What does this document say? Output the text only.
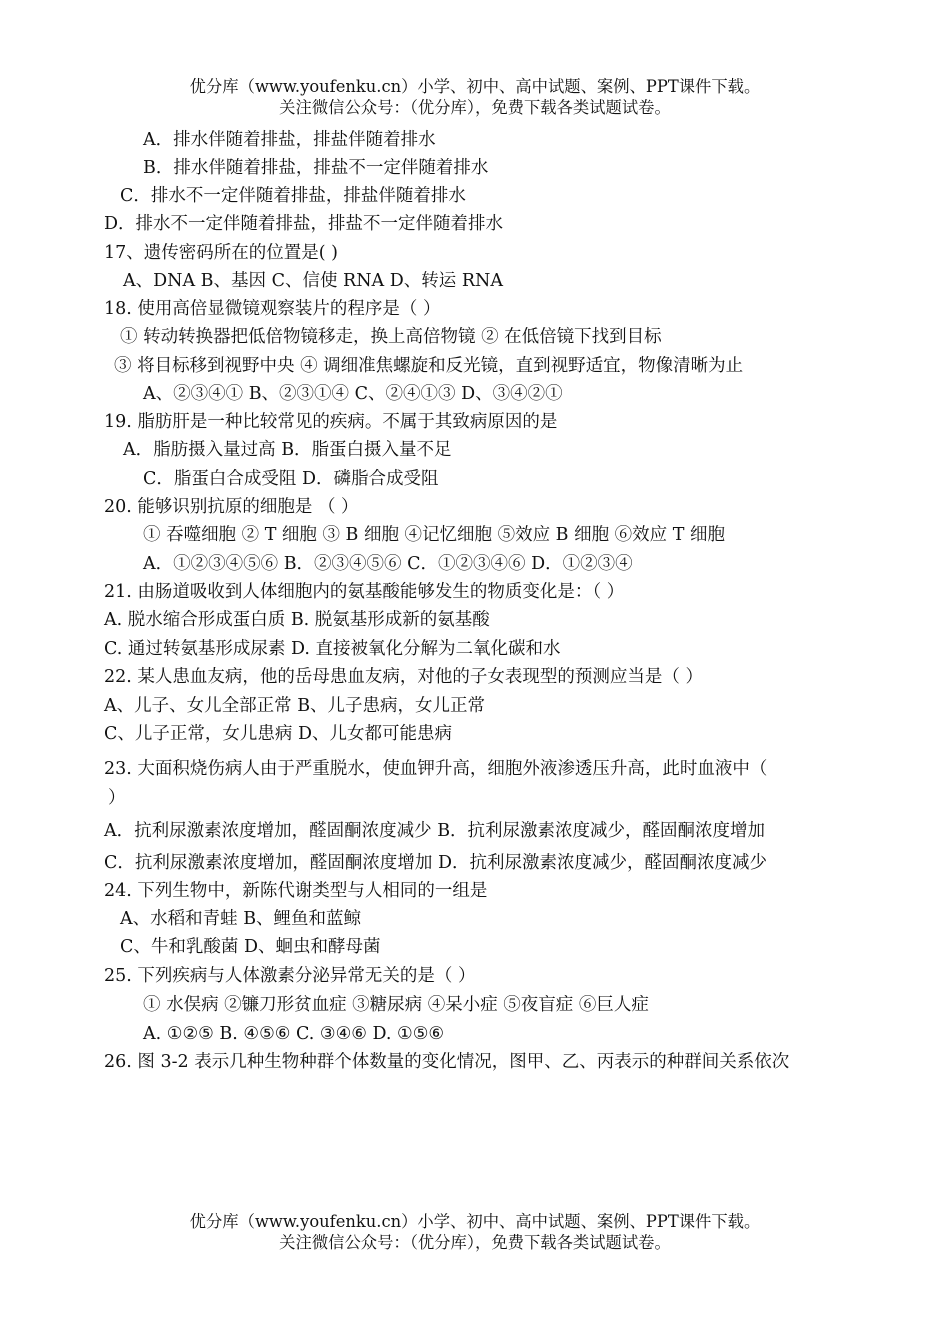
优分库（www.youfenku.cn）小学、初中、高中试题、案例、PPT课件下载。
关注微信公众号：（优分库），免费下载各类试题试卷。
A．排水伴随着排盐，排盐伴随着排水
B．排水伴随着排盐，排盐不一定伴随着排水
C．排水不一定伴随着排盐，排盐伴随着排水
D．排水不一定伴随着排盐，排盐不一定伴随着排水
17、遗传密码所在的位置是( )
A、DNA B、基因 C、信使 RNA D、转运 RNA
18. 使用高倍显微镜观察装片的程序是（ ）
① 转动转换器把低倍物镜移走，换上高倍物镜 ② 在低倍镜下找到目标
③ 将目标移到视野中央 ④ 调细准焦螺旋和反光镜，直到视野适宜，物像清晰为止
A、②③④① B、②③①④ C、②④①③ D、③④②①
19. 脂肪肝是一种比较常见的疾病。不属于其致病原因的是
A．脂肪摄入量过高 B．脂蛋白摄入量不足
C．脂蛋白合成受阻 D．磷脂合成受阻
20. 能够识别抗原的细胞是 （ ）
① 吞噬细胞 ② T 细胞 ③ B 细胞 ④记忆细胞 ⑤效应 B 细胞 ⑥效应 T 细胞
A．①②③④⑤⑥ B．②③④⑤⑥ C．①②③④⑥ D．①②③④
21. 由肠道吸收到人体细胞内的氨基酸能够发生的物质变化是：（ ）
A. 脱水缩合形成蛋白质 B. 脱氨基形成新的氨基酸
C. 通过转氨基形成尿素 D. 直接被氧化分解为二氧化碳和水
22. 某人患血友病，他的岳母患血友病，对他的子女表现型的预测应当是（ ）
A、儿子、女儿全部正常 B、儿子患病，女儿正常
C、儿子正常，女儿患病 D、儿女都可能患病
23. 大面积烧伤病人由于严重脱水，使血钾升高，细胞外液渗透压升高，此时血液中（
）
A．抗利尿激素浓度增加，醛固酮浓度减少 B．抗利尿激素浓度减少，醛固酮浓度增加
C．抗利尿激素浓度增加，醛固酮浓度增加 D．抗利尿激素浓度减少，醛固酮浓度减少
24. 下列生物中，新陈代谢类型与人相同的一组是
A、水稻和青蛙 B、鲤鱼和蓝鲸
C、牛和乳酸菌 D、蛔虫和酵母菌
25. 下列疾病与人体激素分泌异常无关的是（ ）
① 水俣病 ②镰刀形贫血症 ③糖尿病 ④呆小症 ⑤夜盲症 ⑥巨人症
A. ①②⑤ B. ④⑤⑥ C. ③④⑥ D. ①⑤⑥
26. 图 3-2 表示几种生物种群个体数量的变化情况，图甲、乙、丙表示的种群间关系依次
优分库（www.youfenku.cn）小学、初中、高中试题、案例、PPT课件下载。
关注微信公众号：（优分库），免费下载各类试题试卷。
